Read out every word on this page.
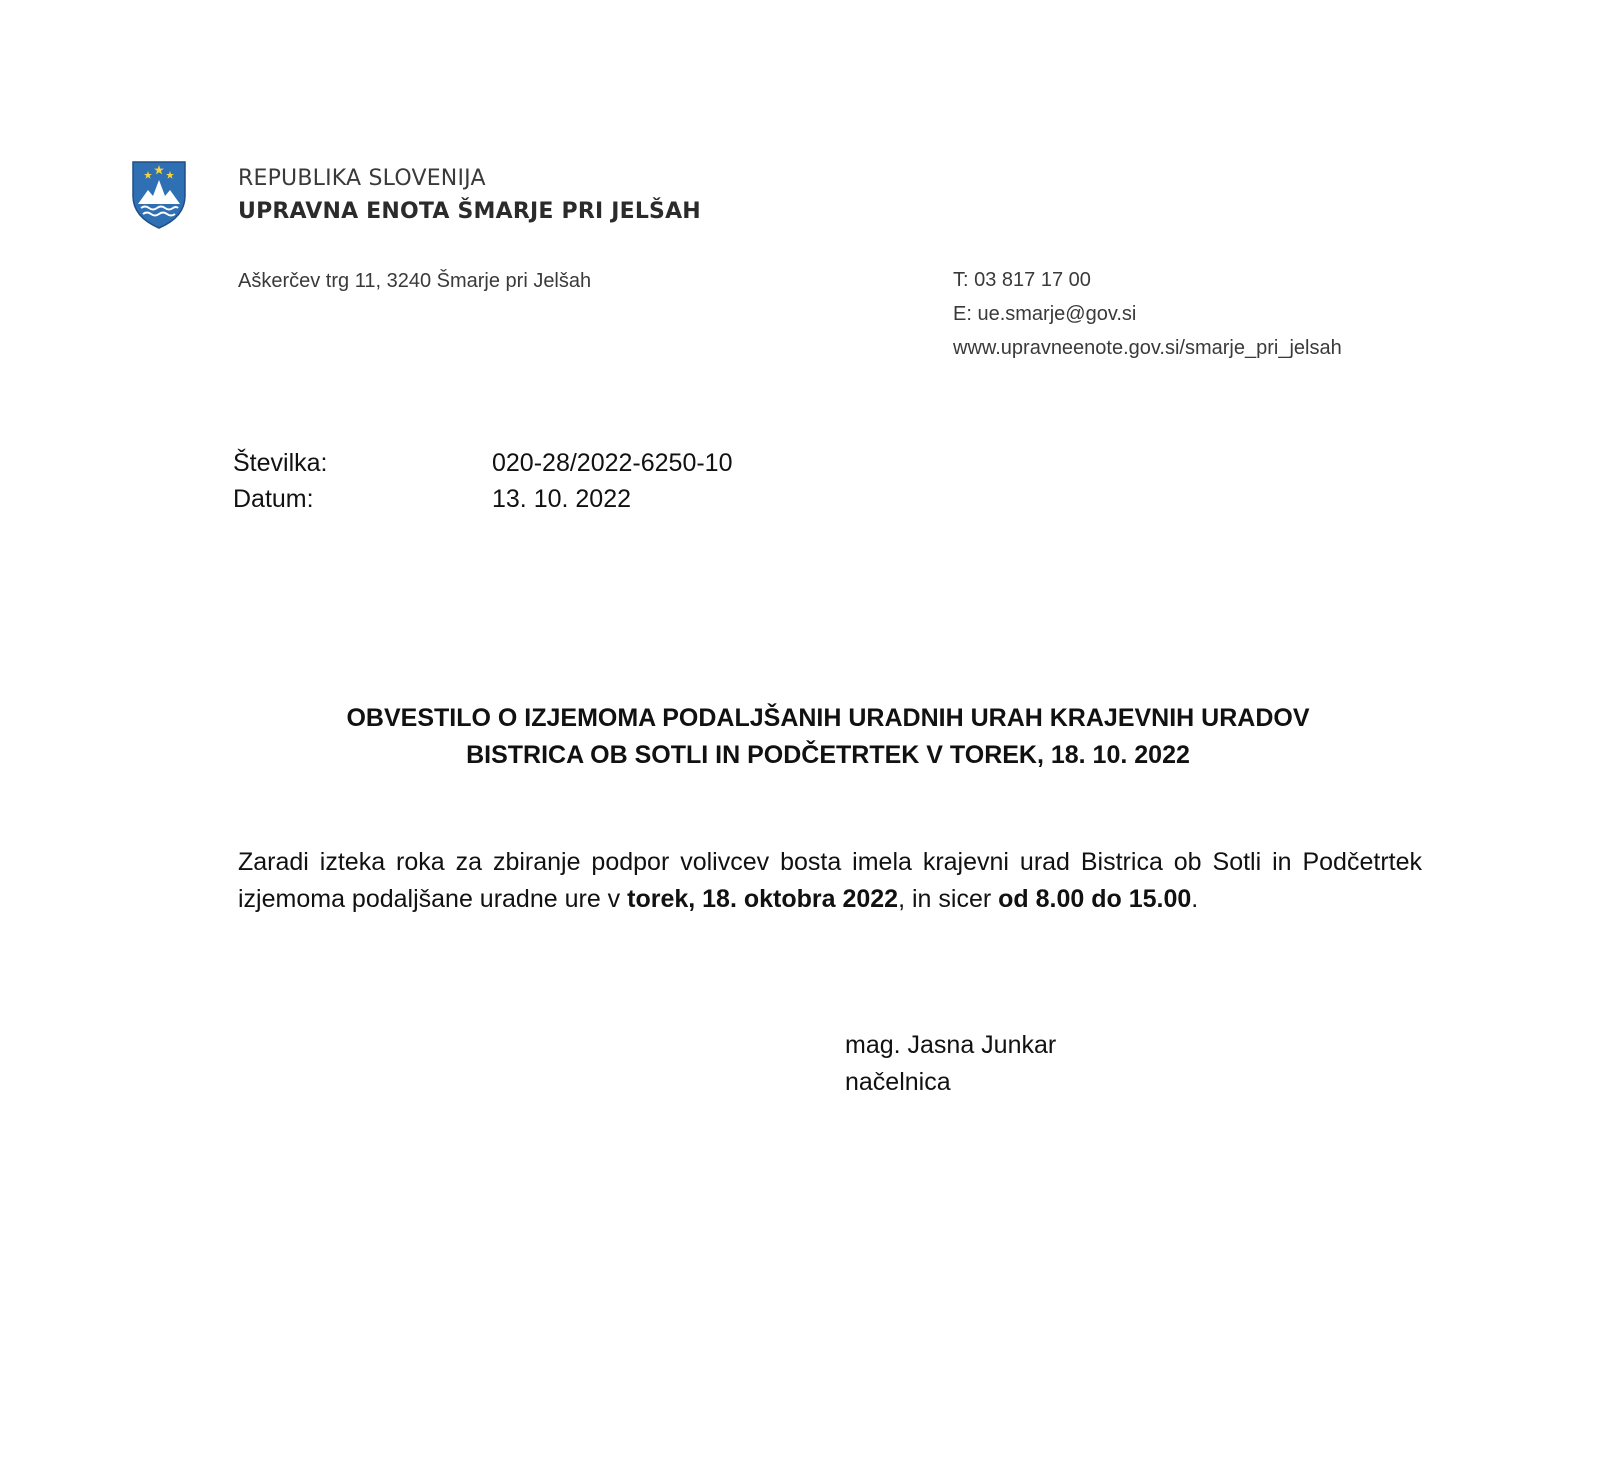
REPUBLIKA SLOVENIJA
UPRAVNA ENOTA ŠMARJE PRI JELŠAH
Aškerčev trg 11, 3240 Šmarje pri Jelšah	T: 03 817 17 00
E: ue.smarje@gov.si
www.upravneenote.gov.si/smarje_pri_jelsah
Številka:	020-28/2022-6250-10
Datum:	13. 10. 2022
OBVESTILO O IZJEMOMA PODALJŠANIH URADNIH URAH KRAJEVNIH URADOV
BISTRICA OB SOTLI IN PODČETRTEK V TOREK, 18. 10. 2022
Zaradi izteka roka za zbiranje podpor volivcev bosta imela krajevni urad Bistrica ob Sotli in Podčetrtek izjemoma podaljšane uradne ure v torek, 18. oktobra 2022, in sicer od 8.00 do 15.00.
mag. Jasna Junkar
načelnica
